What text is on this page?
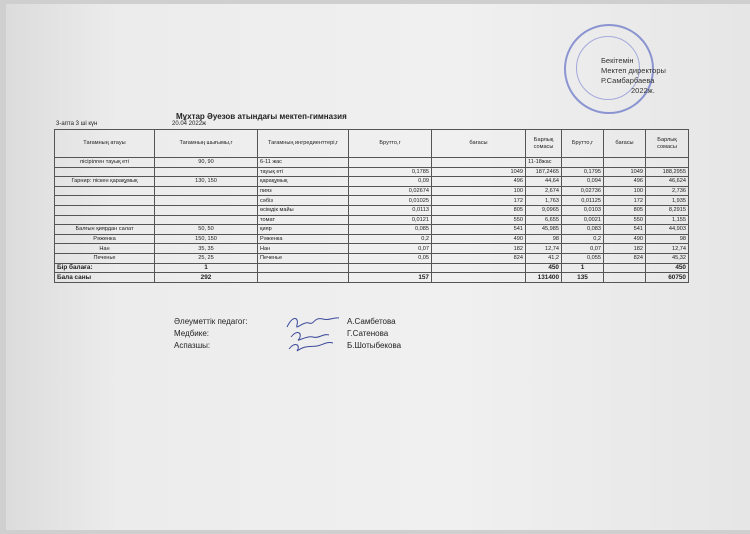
Бекітемін
Мектеп директоры
Р.Самбарбаева
2022ж.
Мұхтар Әуезов атындағы мектеп-гимназия
3-апта 3 ші күн	20.04 2022ж
Тағамның атауы	Тағамның шығымы,г	Тағамның ингредиенттері,г	Брутто,г	бағасы	Барлық сомасы	Брутто,г	бағасы	Барлық сомасы
пісірілген тауық еті	90, 90	6-11 жас			11-18жас			
		тауық еті	0,1785	1049	187,2465	0,1795	1049	188,2955
Гарнир: піскен қарақұмық	130, 150	қарақұмық	0,09	496	44,64	0,094	496	46,624
		пияз	0,02674	100	2,674	0,02736	100	2,736
		сәбіз	0,01025	172	1,763	0,01125	172	1,935
		өсімдік майы	0,0113	805	9,0965	0,0103	805	8,2915
		томат	0,0121	550	6,655	0,0021	550	1,155
Балғын қиярдан салат	50, 50	қияр	0,085	541	45,985	0,083	541	44,903
Рәженка	150, 150	Рәженка	0,2	490	98	0,2	490	98
Нан	35, 35	Нан	0,07	182	12,74	0,07	182	12,74
Печенье	25, 25	Печенье	0,05	824	41,2	0,055	824	45,32
Бір балаға:	1				450	1		450
Бала саны	292		157		131400	135		60750
Әлеуметтік педагог:	А.Самбетова
Медбике:	Г.Сатенова
Аспазшы:	Б.Шотыбекова
